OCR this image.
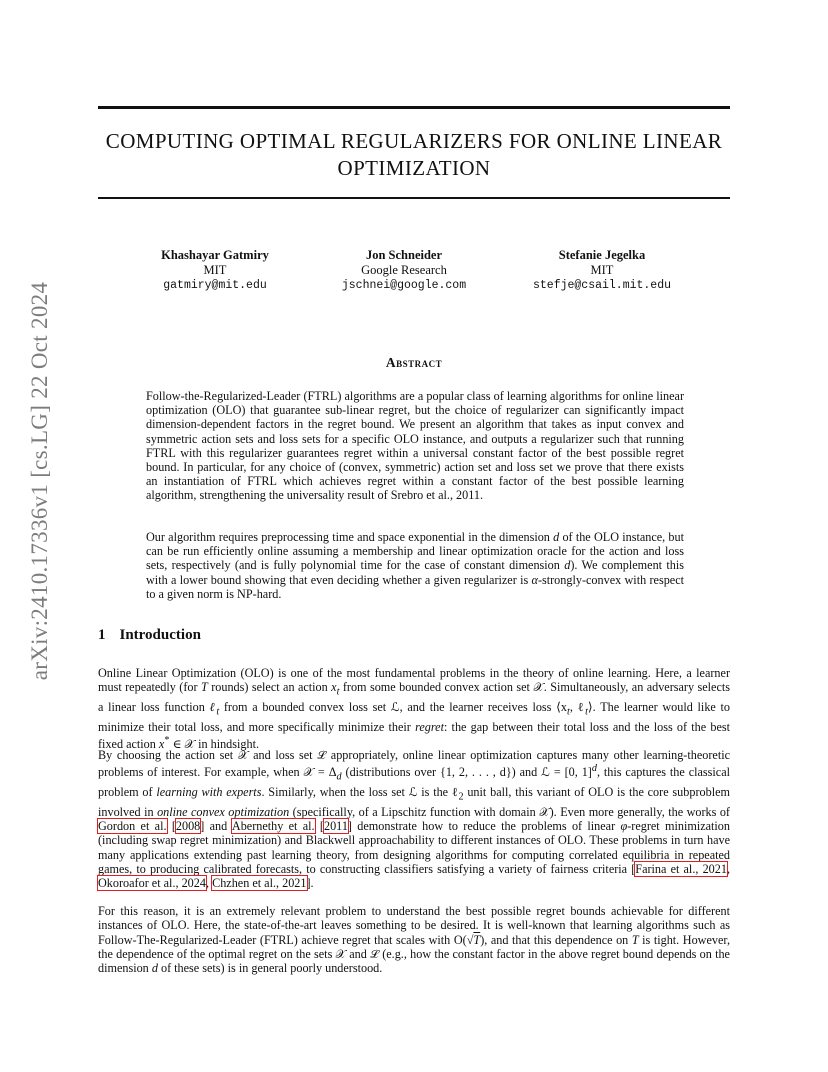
arXiv:2410.17336v1 [cs.LG] 22 Oct 2024
COMPUTING OPTIMAL REGULARIZERS FOR ONLINE LINEAR
OPTIMIZATION
Khashayar Gatmiry
MIT
gatmiry@mit.edu
Jon Schneider
Google Research
jschnei@google.com
Stefanie Jegelka
MIT
stefje@csail.mit.edu
Abstract

Follow-the-Regularized-Leader (FTRL) algorithms are a popular class of learning algorithms for online linear optimization (OLO) that guarantee sub-linear regret, but the choice of regularizer can significantly impact dimension-dependent factors in the regret bound. We present an algorithm that takes as input convex and symmetric action sets and loss sets for a specific OLO instance, and outputs a regularizer such that running FTRL with this regularizer guarantees regret within a universal constant factor of the best possible regret bound. In particular, for any choice of (convex, symmetric) action set and loss set we prove that there exists an instantiation of FTRL which achieves regret within a constant factor of the best possible learning algorithm, strengthening the universality result of Srebro et al., 2011.

Our algorithm requires preprocessing time and space exponential in the dimension d of the OLO instance, but can be run efficiently online assuming a membership and linear optimization oracle for the action and loss sets, respectively (and is fully polynomial time for the case of constant dimension d). We complement this with a lower bound showing that even deciding whether a given regularizer is α-strongly-convex with respect to a given norm is NP-hard.

1 Introduction

Online Linear Optimization (OLO) is one of the most fundamental problems in the theory of online learning. Here, a learner must repeatedly (for T rounds) select an action $x_t$ from some bounded convex action set 𝒳. Simultaneously, an adversary selects a linear loss function ℓ$_t$ from a bounded convex loss set ℒ, and the learner receives loss $⟨x_t$, ℓ$_t$⟩. The learner would like to minimize their total loss, and more specifically minimize their regret: the gap between their total loss and the loss of the best fixed action x* ∈ 𝒳 in hindsight.

By choosing the action set 𝒳 and loss set ℒ appropriately, online linear optimization captures many other learning-theoretic problems of interest. For example, when 𝒳 = $\Delta_d$ (distributions over {1, 2, . . . , d}) and ℒ = [0, 1]$^d$, this captures the classical problem of learning with experts. Similarly, when the loss set ℒ is the ℓ$_2$ unit ball, this variant of OLO is the core subproblem involved in online convex optimization (specifically, of a Lipschitz function with domain 𝒳). Even more generally, the works of Gordon et al. [2008] and Abernethy et al. [2011] demonstrate how to reduce the problems of linear φ-regret minimization (including swap regret minimization) and Blackwell approachability to different instances of OLO. These problems in turn have many applications extending past learning theory, from designing algorithms for computing correlated equilibria in repeated games, to producing calibrated forecasts, to constructing classifiers satisfying a variety of fairness criteria [Farina et al., 2021, Okoroafor et al., 2024, Chzhen et al., 2021].

For this reason, it is an extremely relevant problem to understand the best possible regret bounds achievable for different instances of OLO. Here, the state-of-the-art leaves something to be desired. It is well-known that learning algorithms such as Follow-The-Regularized-Leader (FTRL) achieve regret that scales with O(√T), and that this dependence on T is tight. However, the dependence of the optimal regret on the sets 𝒳 and ℒ (e.g., how the constant factor in the above regret bound depends on the dimension d of these sets) is in general poorly understood.
